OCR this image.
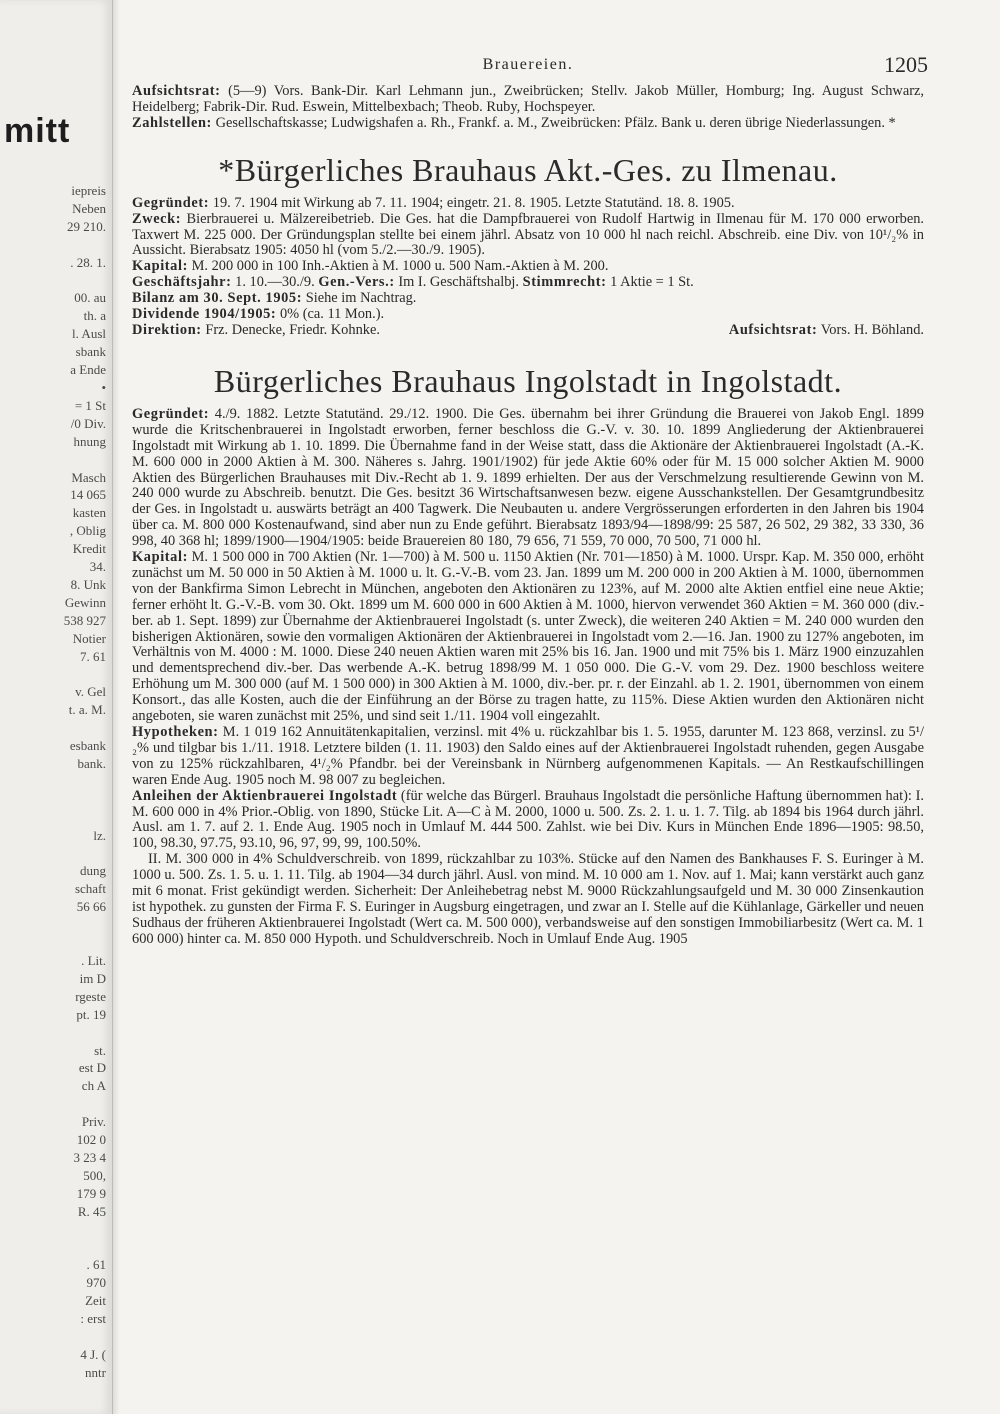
mitt
iepreis
Neben
29 210.

. 28. 1.

00. au
th. a
l. Ausl
sbank
a Ende
•
= 1 St
/0 Div.
hnung

Masch
14 065
kasten
, Oblig
Kredit
34.
8. Unk
Gewinn
538 927
Notier
7. 61

v. Gel
t. a. M.

esbank
bank.

lz.

dung
schaft
56 66

. Lit.
im D
rgeste
pt. 19

st.
est D
ch A

Priv.
102 0
3 23 4
500,
179 9
R. 45

. 61
970
Zeit
: erst

4 J. (
nntr
Brauereien.	1205

Aufsichtsrat: (5—9) Vors. Bank-Dir. Karl Lehmann jun., Zweibrücken; Stellv. Jakob Müller, Homburg; Ing. August Schwarz, Heidelberg; Fabrik-Dir. Rud. Eswein, Mittelbexbach; Theob. Ruby, Hochspeyer.

Zahlstellen: Gesellschaftskasse; Ludwigshafen a. Rh., Frankf. a. M., Zweibrücken: Pfälz. Bank u. deren übrige Niederlassungen. *

*Bürgerliches Brauhaus Akt.-Ges. zu Ilmenau.

Gegründet: 19. 7. 1904 mit Wirkung ab 7. 11. 1904; eingetr. 21. 8. 1905. Letzte Statutänd. 18. 8. 1905.

Zweck: Bierbrauerei u. Mälzereibetrieb. Die Ges. hat die Dampfbrauerei von Rudolf Hartwig in Ilmenau für M. 170 000 erworben. Taxwert M. 225 000. Der Gründungsplan stellte bei einem jährl. Absatz von 10 000 hl nach reichl. Abschreib. eine Div. von 10¹/₂% in Aussicht. Bierabsatz 1905: 4050 hl (vom 5./2.—30./9. 1905).

Kapital: M. 200 000 in 100 Inh.-Aktien à M. 1000 u. 500 Nam.-Aktien à M. 200.

Geschäftsjahr: 1. 10.—30./9. Gen.-Vers.: Im I. Geschäftshalbj. Stimmrecht: 1 Aktie = 1 St.

Bilanz am 30. Sept. 1905: Siehe im Nachtrag.

Dividende 1904/1905: 0% (ca. 11 Mon.).

Aufsichtsrat: Vors. H. Böhland.
Direktion: Frz. Denecke, Friedr. Kohnke.

Bürgerliches Brauhaus Ingolstadt in Ingolstadt.

Gegründet: 4./9. 1882. Letzte Statutänd. 29./12. 1900. Die Ges. übernahm bei ihrer Gründung die Brauerei von Jakob Engl. 1899 wurde die Kritschenbrauerei in Ingolstadt erworben, ferner beschloss die G.-V. v. 30. 10. 1899 Angliederung der Aktienbrauerei Ingolstadt mit Wirkung ab 1. 10. 1899. Die Übernahme fand in der Weise statt, dass die Aktionäre der Aktienbrauerei Ingolstadt (A.-K. M. 600 000 in 2000 Aktien à M. 300. Näheres s. Jahrg. 1901/1902) für jede Aktie 60% oder für M. 15 000 solcher Aktien M. 9000 Aktien des Bürgerlichen Brauhauses mit Div.-Recht ab 1. 9. 1899 erhielten. Der aus der Verschmelzung resultierende Gewinn von M. 240 000 wurde zu Abschreib. benutzt. Die Ges. besitzt 36 Wirtschaftsanwesen bezw. eigene Ausschankstellen. Der Gesamtgrundbesitz der Ges. in Ingolstadt u. auswärts beträgt an 400 Tagwerk. Die Neubauten u. andere Vergrösserungen erforderten in den Jahren bis 1904 über ca. M. 800 000 Kostenaufwand, sind aber nun zu Ende geführt. Bierabsatz 1893/94—1898/99: 25 587, 26 502, 29 382, 33 330, 36 998, 40 368 hl; 1899/1900—1904/1905: beide Brauereien 80 180, 79 656, 71 559, 70 000, 70 500, 71 000 hl.

Kapital: M. 1 500 000 in 700 Aktien (Nr. 1—700) à M. 500 u. 1150 Aktien (Nr. 701—1850) à M. 1000. Urspr. Kap. M. 350 000, erhöht zunächst um M. 50 000 in 50 Aktien à M. 1000 u. lt. G.-V.-B. vom 23. Jan. 1899 um M. 200 000 in 200 Aktien à M. 1000, übernommen von der Bankfirma Simon Lebrecht in München, angeboten den Aktionären zu 123%, auf M. 2000 alte Aktien entfiel eine neue Aktie; ferner erhöht lt. G.-V.-B. vom 30. Okt. 1899 um M. 600 000 in 600 Aktien à M. 1000, hiervon verwendet 360 Aktien = M. 360 000 (div.-ber. ab 1. Sept. 1899) zur Übernahme der Aktienbrauerei Ingolstadt (s. unter Zweck), die weiteren 240 Aktien = M. 240 000 wurden den bisherigen Aktionären, sowie den vormaligen Aktionären der Aktienbrauerei in Ingolstadt vom 2.—16. Jan. 1900 zu 127% angeboten, im Verhältnis von M. 4000 : M. 1000. Diese 240 neuen Aktien waren mit 25% bis 16. Jan. 1900 und mit 75% bis 1. März 1900 einzuzahlen und dementsprechend div.-ber. Das werbende A.-K. betrug 1898/99 M. 1 050 000. Die G.-V. vom 29. Dez. 1900 beschloss weitere Erhöhung um M. 300 000 (auf M. 1 500 000) in 300 Aktien à M. 1000, div.-ber. pr. r. der Einzahl. ab 1. 2. 1901, übernommen von einem Konsort., das alle Kosten, auch die der Einführung an der Börse zu tragen hatte, zu 115%. Diese Aktien wurden den Aktionären nicht angeboten, sie waren zunächst mit 25%, und sind seit 1./11. 1904 voll eingezahlt.

Hypotheken: M. 1 019 162 Annuitätenkapitalien, verzinsl. mit 4% u. rückzahlbar bis 1. 5. 1955, darunter M. 123 868, verzinsl. zu 5¹/₂% und tilgbar bis 1./11. 1918. Letztere bilden (1. 11. 1903) den Saldo eines auf der Aktienbrauerei Ingolstadt ruhenden, gegen Ausgabe von zu 125% rückzahlbaren, 4¹/₂% Pfandbr. bei der Vereinsbank in Nürnberg aufgenommenen Kapitals. — An Restkaufschillingen waren Ende Aug. 1905 noch M. 98 007 zu begleichen.

Anleihen der Aktienbrauerei Ingolstadt (für welche das Bürgerl. Brauhaus Ingolstadt die persönliche Haftung übernommen hat): I. M. 600 000 in 4% Prior.-Oblig. von 1890, Stücke Lit. A—C à M. 2000, 1000 u. 500. Zs. 2. 1. u. 1. 7. Tilg. ab 1894 bis 1964 durch jährl. Ausl. am 1. 7. auf 2. 1. Ende Aug. 1905 noch in Umlauf M. 444 500. Zahlst. wie bei Div. Kurs in München Ende 1896—1905: 98.50, 100, 98.30, 97.75, 93.10, 96, 97, 99, 99, 100.50%.

II. M. 300 000 in 4% Schuldverschreib. von 1899, rückzahlbar zu 103%. Stücke auf den Namen des Bankhauses F. S. Euringer à M. 1000 u. 500. Zs. 1. 5. u. 1. 11. Tilg. ab 1904—34 durch jährl. Ausl. von mind. M. 10 000 am 1. Nov. auf 1. Mai; kann verstärkt auch ganz mit 6 monat. Frist gekündigt werden. Sicherheit: Der Anleihebetrag nebst M. 9000 Rückzahlungsaufgeld und M. 30 000 Zinsenkaution ist hypothek. zu gunsten der Firma F. S. Euringer in Augsburg eingetragen, und zwar an I. Stelle auf die Kühlanlage, Gärkeller und neuen Sudhaus der früheren Aktienbrauerei Ingolstadt (Wert ca. M. 500 000), verbandsweise auf den sonstigen Immobiliarbesitz (Wert ca. M. 1 600 000) hinter ca. M. 850 000 Hypoth. und Schuldverschreib. Noch in Umlauf Ende Aug. 1905
